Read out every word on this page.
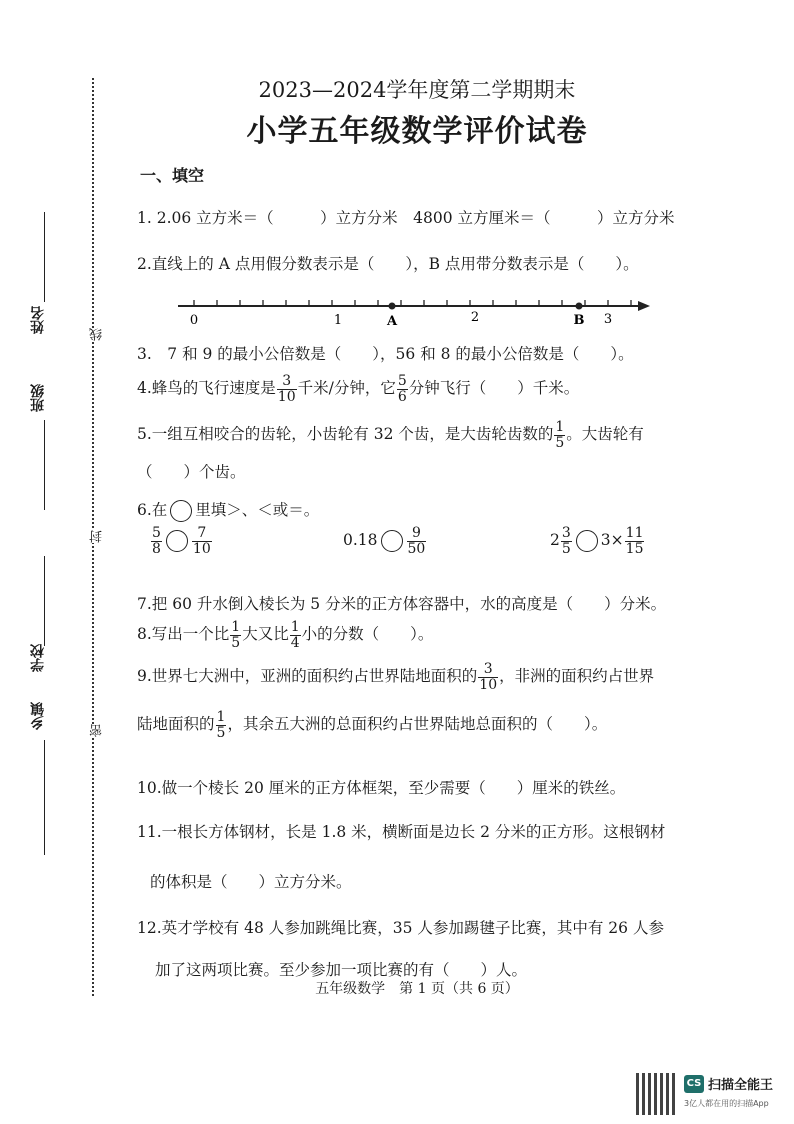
姓名
班级
学校
乡镇
线
封
密
2023—2024学年度第二学期期末
小学五年级数学评价试卷
一、填空
1. 2.06 立方米＝（　　　）立方分米　4800 立方厘米＝（　　　）立方分米
2.直线上的 A 点用假分数表示是（　　），B 点用带分数表示是（　　）。
0	1	2	3
A	B
3.　7 和 9 的最小公倍数是（　　），56 和 8 的最小公倍数是（　　）。
4.蜂鸟的飞行速度是 $\frac{3}{10}$ 千米/分钟，它 $\frac{5}{6}$ 分钟飞行（　　）千米。
5.一组互相咬合的齿轮，小齿轮有 32 个齿，是大齿轮齿数的 $\frac{1}{5}$ 。大齿轮有
（　　）个齿。
6.在 里填＞、＜或＝。
$\frac{5}{8} \frac{7}{10}$	$0.18 \frac{9}{50}$	$2 \frac{3}{5} 3\times \frac{11}{15}$
7.把 60 升水倒入棱长为 5 分米的正方体容器中，水的高度是（　　）分米。
8.写出一个比 $\frac{1}{5}$ 大又比 $\frac{1}{4}$ 小的分数（　　）。
9.世界七大洲中，亚洲的面积约占世界陆地面积的 $\frac{3}{10}$ ，非洲的面积约占世界
陆地面积的 $\frac{1}{5}$ ，其余五大洲的总面积约占世界陆地总面积的（　　）。
10.做一个棱长 20 厘米的正方体框架，至少需要（　　）厘米的铁丝。
11.一根长方体钢材，长是 1.8 米，横断面是边长 2 分米的正方形。这根钢材
的体积是（　　）立方分米。
12.英才学校有 48 人参加跳绳比赛，35 人参加踢毽子比赛，其中有 26 人参
加了这两项比赛。至少参加一项比赛的有（　　）人。
五年级数学　第 1 页（共 6 页）
CS 扫描全能王
3亿人都在用的扫描App
